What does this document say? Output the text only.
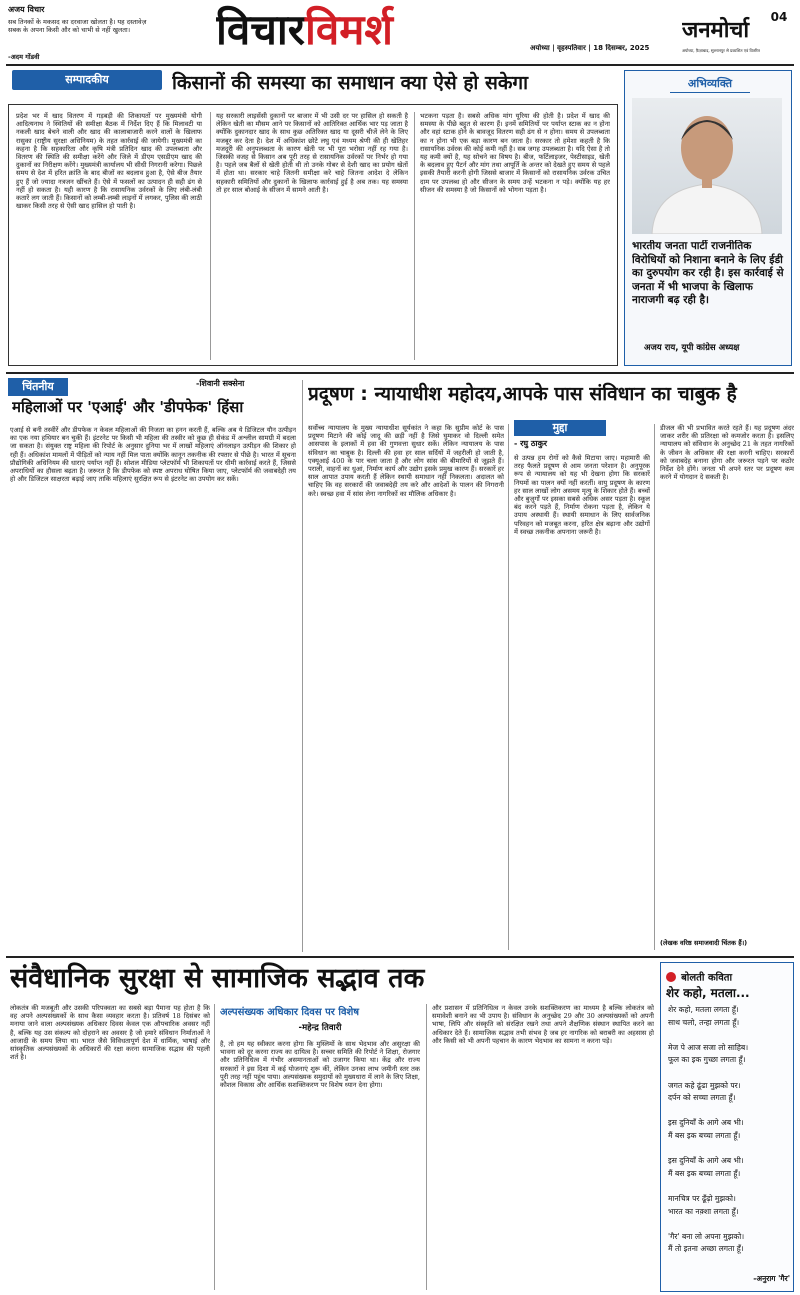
अजय विचार
सब तिनकों के मकसद का दरवाजा खोलता है। यह दस्तावेज़ सबक के अपना किसी और को चाभी से नहीं खुलता।
-अदम गोंडवी
विचारविमर्श	अयोध्या | वृहस्पतिवार | 18 दिसम्बर, 2025
जनमोर्चा
अयोध्या, फ़ैज़ाबाद, सुल्तानपुर से प्रकाशित एवं वितरित
04
सम्पादकीय	किसानों की समस्या का समाधान क्या ऐसे हो सकेगा
प्रदेश भर में खाद वितरण में गड़बड़ी की शिकायतों पर मुख्यमंत्री योगी आदित्यनाथ ने स्थितियों की समीक्षा बैठक में निर्देश दिए हैं कि मिलावटी या नकली खाद बेचने वाली और खाद की कालाबाजारी करने वालों के खिलाफ रासुका (राष्ट्रीय सुरक्षा अधिनियम) के तहत कार्रवाई की जायेगी। मुख्यमंत्री का कहना है कि सहकारिता और कृषि मंत्री प्रतिदिन खाद की उपलब्धता और वितरण की स्थिति की समीक्षा करेंगे और जिले में डीएम एसडीएम खाद की दुकानों का निरीक्षण करेंगे। मुख्यमंत्री कार्यालय भी सीधी निगरानी करेगा। पिछले समय से देश में हरित क्रांति के बाद बीजों का बदलाव हुआ है, ऐसे बीज तैयार हुए हैं जो ज्यादा नत्रजन खींचते हैं। ऐसे में फसलों का उत्पादन ही सही ढंग से नहीं हो सकता है। यही कारण है कि रासायनिक उर्वरकों के लिए लंबी-लंबी कतारें लग जाती हैं। किसानों को लम्बी-लम्बी लाइनों में लगकर, पुलिस की लाठी खाकर किसी तरह से ऐसी खाद हासिल हो पाती है।
यह सरकारी लाइसेंसी दुकानों पर बाजार में भी उसी दर पर हासिल हो सकती है लेकिन खेती का मौसम आने पर किसानों को आतिरिक्त आर्थिक भार पड़ जाता है क्योंकि दुकानदार खाद के साथ कुछ अतिरिक्त खाद या दूसरी चीजें लेने के लिए मजबूर कर देता है। देश में अधिकांश छोटे लघु एवं मध्यम श्रेणी की ही खेतिहर मजदूरी की अनुपलब्धता के कारण खेती पर भी पूरा भरोसा नहीं रह गया है। जिसकी वजह से किसान अब पूरी तरह से रासायनिक उर्वरकों पर निर्भर हो गया है। पहले जब बैलों से खेती होती थी तो उनके गोबर से देशी खाद का प्रयोग खेतों में होता था। सरकार चाहे जितनी समीक्षा करे चाहे जितना आदेश दे लेकिन सहकारी समितियों और दुकानों के खिलाफ कार्रवाई हुई है अब तक। यह समस्या तो हर साल बोआई के सीजन में सामने आती है।
भटकना पड़ता है। सबसे अधिक मांग यूरिया की होती है। प्रदेश में खाद की समस्या के पीछे बहुत से कारण हैं। इनमें समितियों पर पर्याप्त स्टाक का न होना और वहां स्टाक होने के बावजूद वितरण सही ढंग से न होना। समय से उपलब्धता का न होना भी एक बड़ा कारण बन जाता है। सरकार तो हमेशा कहती है कि रासायनिक उर्वरक की कोई कमी नहीं है। सब जगह उपलब्धता है। यदि ऐसा है तो यह कमी क्यों है, यह सोचने का विषय है। बीज, फर्टिलाइजर, पेस्टीसाइड, खेती के बदलाव हुए पैटर्न और मांग तथा आपूर्ति के अन्तर को देखते हुए समय से पहले इसकी तैयारी करनी होगी जिससे बाजार में किसानों को रासायनिक उर्वरक उचित दाम पर उपलब्ध हो और सीजन के समय उन्हें भटकना न पड़े। क्योंकि यह हर सीजन की समस्या है जो किसानों को भोगना पड़ता है।
अभिव्यक्ति
भारतीय जनता पार्टी राजनीतिक विरोधियों को निशाना बनाने के लिए ईडी का दुरुपयोग कर रही है। इस कार्रवाई से जनता में भी भाजपा के खिलाफ नाराजगी बढ़ रही है।
अजय राय, यूपी कांग्रेस अध्यक्ष
चिंतनीय	-शिवानी सक्सेना
महिलाओं पर 'एआई' और 'डीपफेक' हिंसा
एआई से बनी तस्वीरें और डीपफेक न केवल महिलाओं की निजता का हनन करती हैं, बल्कि अब ये डिजिटल यौन उत्पीड़न का एक नया हथियार बन चुकी हैं। इंटरनेट पर किसी भी महिला की तस्वीर को कुछ ही सेकंड में अश्लील सामग्री में बदला जा सकता है। संयुक्त राष्ट्र महिला की रिपोर्ट के अनुसार दुनिया भर में लाखों महिलाएं ऑनलाइन उत्पीड़न की शिकार हो रही हैं। अधिकांश मामलों में पीड़ितों को न्याय नहीं मिल पाता क्योंकि कानून तकनीक की रफ्तार से पीछे है। भारत में सूचना प्रौद्योगिकी अधिनियम की धाराएं पर्याप्त नहीं हैं। सोशल मीडिया प्लेटफॉर्म भी शिकायतों पर धीमी कार्रवाई करते हैं, जिससे अपराधियों का हौसला बढ़ता है। जरूरत है कि डीपफेक को स्पष्ट अपराध घोषित किया जाए, प्लेटफॉर्म की जवाबदेही तय हो और डिजिटल साक्षरता बढ़ाई जाए ताकि महिलाएं सुरक्षित रूप से इंटरनेट का उपयोग कर सकें।
प्रदूषण : न्यायाधीश महोदय,आपके पास संविधान का चाबुक है
सर्वोच्च न्यायालय के मुख्य न्यायाधीश सूर्यकांत ने कहा कि सुप्रीम कोर्ट के पास प्रदूषण मिटाने की कोई जादू की छड़ी नहीं है जिसे घुमाकर वो दिल्ली समेत आसपास के इलाकों में हवा की गुणवत्ता सुधार सकें। लेकिन न्यायालय के पास संविधान का चाबुक है। दिल्ली की हवा हर साल सर्दियों में जहरीली हो जाती है, एक्यूआई 400 के पार चला जाता है और लोग सांस की बीमारियों से जूझते हैं। पराली, वाहनों का धुआं, निर्माण कार्य और उद्योग इसके प्रमुख कारण हैं। सरकारें हर साल आपात उपाय करती हैं लेकिन स्थायी समाधान नहीं निकलता। अदालत को चाहिए कि वह सरकारों की जवाबदेही तय करे और आदेशों के पालन की निगरानी करे। स्वच्छ हवा में सांस लेना नागरिकों का मौलिक अधिकार है।
मुद्दा
- रघु ठाकुर
से उत्पन्न हम रोगों को कैसे मिटाया जाए। महामारी की तरह फैलते प्रदूषण से आम जनता परेशान है। अनुपूरक रूप से न्यायालय को यह भी देखना होगा कि सरकारें नियमों का पालन क्यों नहीं करतीं। वायु प्रदूषण के कारण हर साल लाखों लोग असमय मृत्यु के शिकार होते हैं। बच्चों और बुजुर्गों पर इसका सबसे अधिक असर पड़ता है। स्कूल बंद करने पड़ते हैं, निर्माण रोकना पड़ता है, लेकिन ये उपाय अस्थायी हैं। स्थायी समाधान के लिए सार्वजनिक परिवहन को मजबूत करना, हरित क्षेत्र बढ़ाना और उद्योगों में स्वच्छ तकनीक अपनाना जरूरी है।
डीजल की भी प्रभावित करते रहते हैं। यह प्रदूषण अंदर जाकर शरीर की प्रतिरक्षा को कमजोर करता है। इसलिए न्यायालय को संविधान के अनुच्छेद 21 के तहत नागरिकों के जीवन के अधिकार की रक्षा करनी चाहिए। सरकारों को जवाबदेह बनाना होगा और जरूरत पड़ने पर कठोर निर्देश देने होंगे। जनता भी अपने स्तर पर प्रदूषण कम करने में योगदान दे सकती है।
(लेखक वरिष्ठ समाजवादी चिंतक हैं।)
संवैधानिक सुरक्षा से सामाजिक सद्भाव तक
लोकतंत्र की मजबूती और उसकी परिपक्वता का सबसे बड़ा पैमाना यह होता है कि वह अपने अल्पसंख्यकों के साथ कैसा व्यवहार करता है। प्रतिवर्ष 18 दिसंबर को मनाया जाने वाला अल्पसंख्यक अधिकार दिवस केवल एक औपचारिक अवसर नहीं है, बल्कि यह उस संकल्प को दोहराने का अवसर है जो हमारे संविधान निर्माताओं ने आजादी के समय लिया था। भारत जैसे विविधतापूर्ण देश में धार्मिक, भाषाई और सांस्कृतिक अल्पसंख्यकों के अधिकारों की रक्षा करना सामाजिक सद्भाव की पहली शर्त है।
अल्पसंख्यक अधिकार दिवस पर विशेष
-महेन्द्र तिवारी
है, तो हम यह स्वीकार करना होगा कि मुस्लिमों के साथ भेदभाव और असुरक्षा की भावना को दूर करना राज्य का दायित्व है। सच्चर समिति की रिपोर्ट ने शिक्षा, रोजगार और प्रतिनिधित्व में गंभीर असमानताओं को उजागर किया था। केंद्र और राज्य सरकारों ने इस दिशा में कई योजनाएं शुरू कीं, लेकिन उनका लाभ जमीनी स्तर तक पूरी तरह नहीं पहुंच पाया। अल्पसंख्यक समुदायों को मुख्यधारा में लाने के लिए शिक्षा, कौशल विकास और आर्थिक सशक्तिकरण पर विशेष ध्यान देना होगा।
और प्रशासन में प्रतिनिधित्व न केवल उनके सशक्तिकरण का माध्यम है बल्कि लोकतंत्र को समावेशी बनाने का भी उपाय है। संविधान के अनुच्छेद 29 और 30 अल्पसंख्यकों को अपनी भाषा, लिपि और संस्कृति को संरक्षित रखने तथा अपने शैक्षणिक संस्थान स्थापित करने का अधिकार देते हैं। सामाजिक सद्भाव तभी संभव है जब हर नागरिक को बराबरी का अहसास हो और किसी को भी अपनी पहचान के कारण भेदभाव का सामना न करना पड़े।
बोलती कविता
शेर कहो, मतला...
शेर कहो, मतला लगता हूँ।
साथ चलो, तन्हा लगता हूँ।
मेज पे आज सजा लो साहिब।
फूल का इक गुच्छा लगता हूँ।
जगत कहे ढूंढा मुझको पर।
दर्पन को सच्चा लगता हूँ।
इस दुनियाँ के आगे अब भी।
मैं बस इक बच्चा लगता हूँ।
इस दुनियाँ के आगे अब भी।
मैं बस इक बच्चा लगता हूँ।
मानचित्र पर ढूँढ़ो मुझको।
भारत का नक़्शा लगता हूँ।
'गैर' बना लो अपना मुझको।
मैं तो इतना अच्छा लगता हूँ।
-अनुराग 'गैर'
